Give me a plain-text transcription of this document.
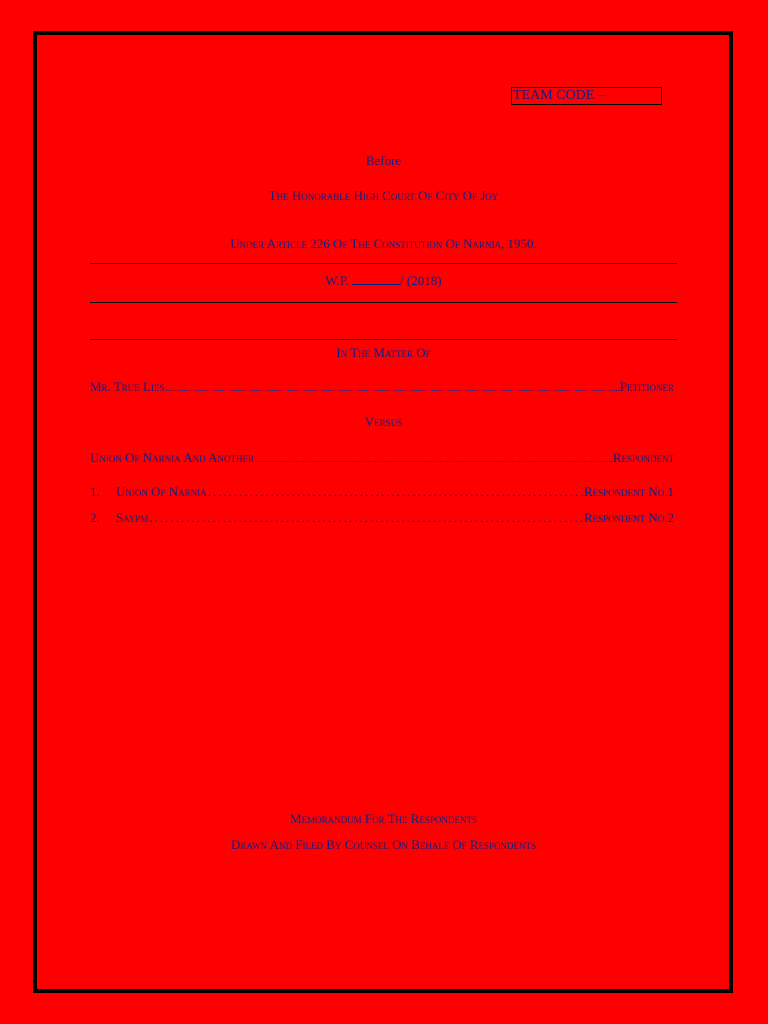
TEAM CODE –
Before
The Honorable High Court Of City Of Joy
Under Article 226 Of The Constitution Of Narnia, 1950.
W.P.	/ (2018)
In The Matter Of
Mr. True Lies .....	Petitioner
Versus
Union Of Narnia And Another .....	Respondent
1.	Union Of Narnia .....	Respondent No.1
2.	Saypm .....	Respondent No.2
Memorandum For The Respondents
Drawn And Filed By Counsel On Behalf Of Respondents
